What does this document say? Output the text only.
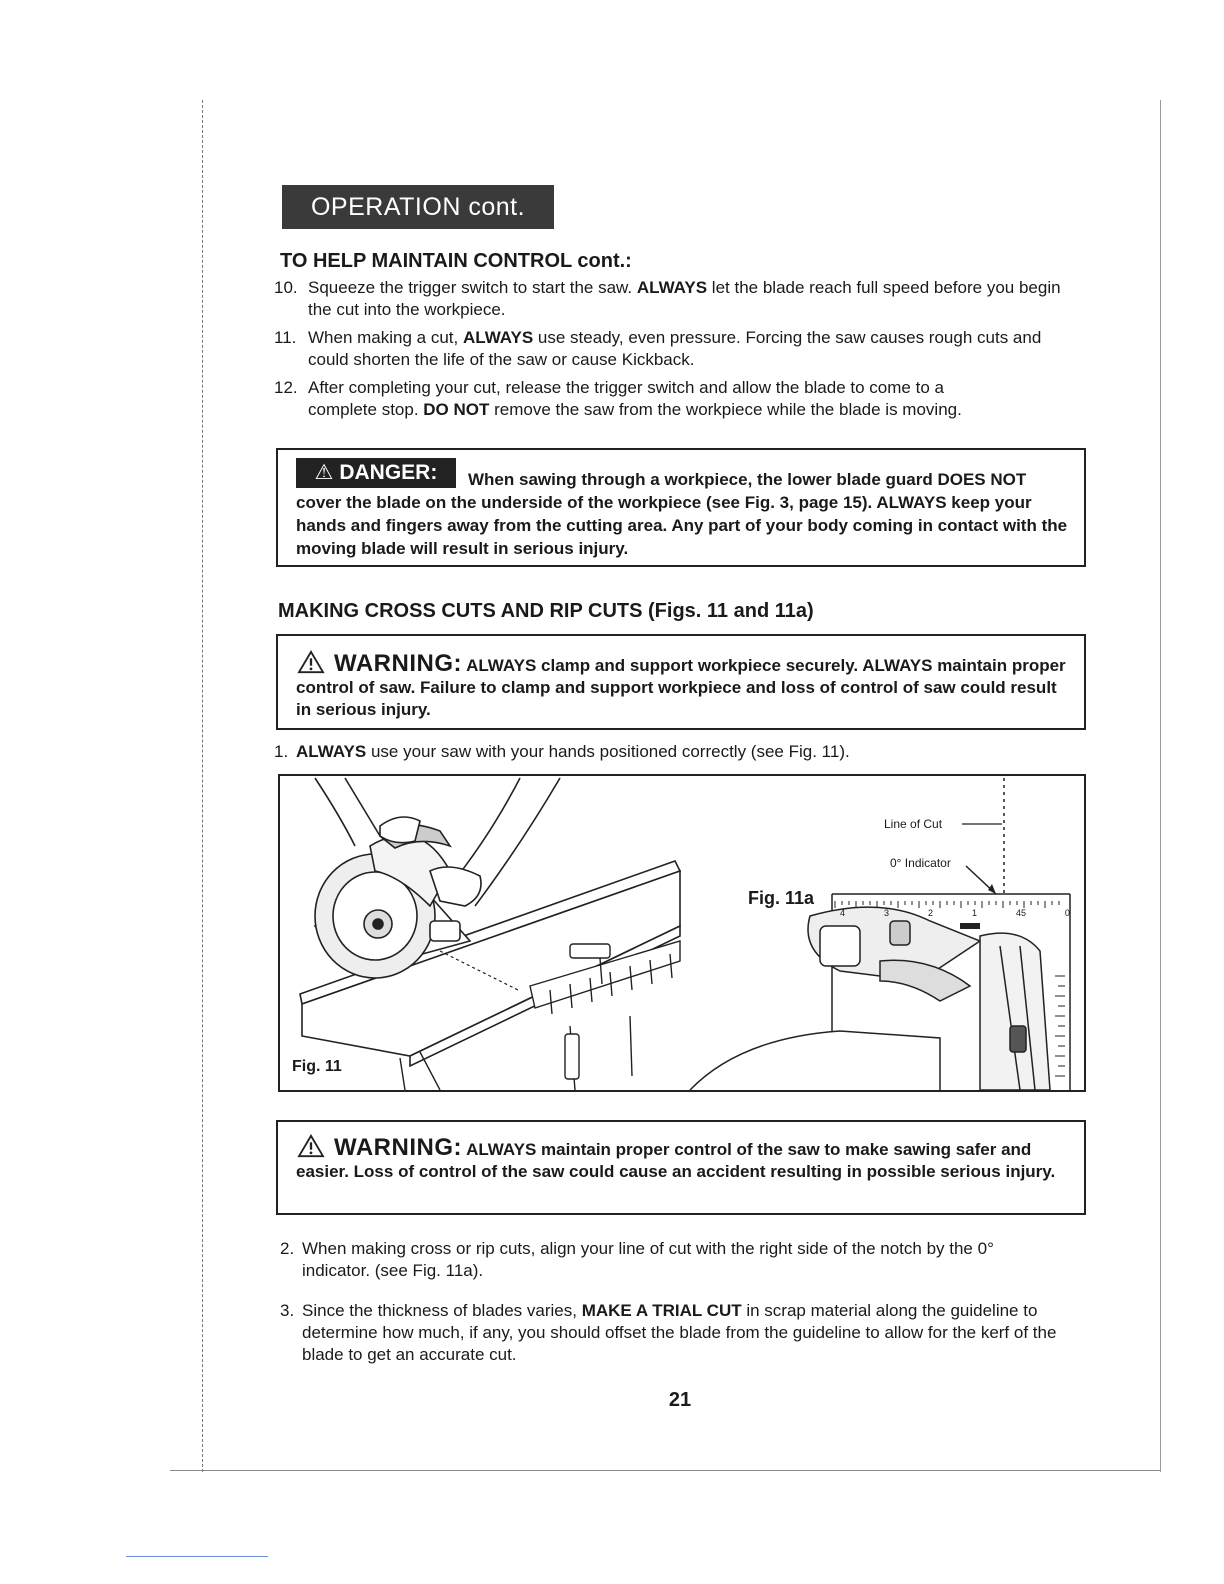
OPERATION cont.
TO HELP MAINTAIN CONTROL cont.:
10. Squeeze the trigger switch to start the saw. ALWAYS let the blade reach full speed before you begin the cut into the workpiece.
11. When making a cut, ALWAYS use steady, even pressure. Forcing the saw causes rough cuts and could shorten the life of the saw or cause Kickback.
12. After completing your cut, release the trigger switch and allow the blade to come to a complete stop. DO NOT remove the saw from the workpiece while the blade is moving.
⚠ DANGER:	When sawing through a workpiece, the lower blade guard DOES NOT cover the blade on the underside of the workpiece (see Fig. 3, page 15). ALWAYS keep your hands and fingers away from the cutting area. Any part of your body coming in contact with the moving blade will result in serious injury.
MAKING CROSS CUTS AND RIP CUTS (Figs. 11 and 11a)
WARNING: ALWAYS clamp and support workpiece securely. ALWAYS maintain proper control of saw. Failure to clamp and support workpiece and loss of control of saw could result in serious injury.
1. ALWAYS use your saw with your hands positioned correctly (see Fig. 11).
Fig. 11
Fig. 11a
Line of Cut
0° Indicator
4	3	2	1	45	0
WARNING: ALWAYS maintain proper control of the saw to make sawing safer and easier. Loss of control of the saw could cause an accident resulting in possible serious injury.
2. When making cross or rip cuts, align your line of cut with the right side of the notch by the 0° indicator. (see Fig. 11a).
3. Since the thickness of blades varies, MAKE A TRIAL CUT in scrap material along the guideline to determine how much, if any, you should offset the blade from the guideline to allow for the kerf of the blade to get an accurate cut.
21
